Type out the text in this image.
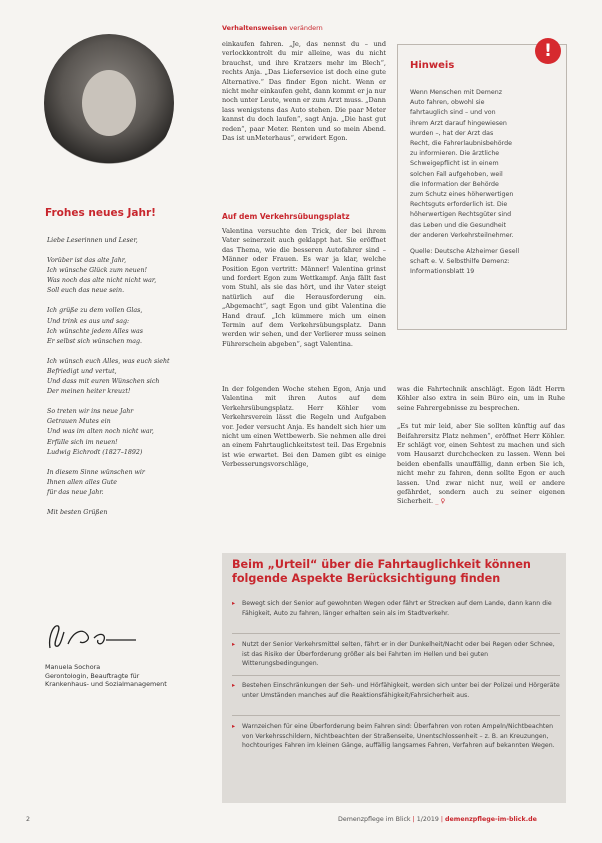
Frohes neues Jahr!
Liebe Leserinnen und Leser,
Vorüber ist das alte Jahr,
Ich wünsche Glück zum neuen!
Was noch das alte nicht nicht war,
Soll euch das neue sein.
Ich grüße zu dem vollen Glas,
Und trink es aus und sag:
Ich wünschte jedem Alles was
Er selbst sich wünschen mag.
Ich wünsch euch Alles, was euch sieht
Befriedigt und vertut,
Und dass mit euren Wünschen sich
Der meinen heiter kreuzt!
So treten wir ins neue Jahr
Getrauen Mutes ein
Und was im alten noch nicht war,
Erfülle sich im neuen!
Ludwig Eichrodt (1827–1892)
In diesem Sinne wünschen wir
Ihnen allen alles Gute
für das neue Jahr.
Mit besten Grüßen
Manuela Sochora
Gerontologin, Beauftragte für
Krankenhaus- und Sozialmanagement
Verhaltensweisen verändern

einkaufen fahren. „Je, das nennst du – und verlockkontrolt du mir alleine, was du nicht brauchst, und ihre Kratzers mehr im Blech“, rechts Anja. „Das Liefersevice ist doch eine gute Alternative.“ Das finder Egon nicht. Wenn er nicht mehr einkaufen geht, dann kommt er ja nur noch unter Leute, wenn er zum Arzt muss. „Dann lass wenigstens das Auto stehen. Die paar Meter kannst du doch laufen“, sagt Anja. „Die hast gut reden“, paar Meter. Renten und so mein Abend. Das ist unMeterhaus“, erwidert Egon.

Auf dem Verkehrsübungsplatz

Valentina versuchte den Trick, der bei ihrem Vater seinerzeit auch geklappt hat. Sie eröffnet das Thema, wie die besseren Autofahrer sind – Männer oder Frauen. Es war ja klar, welche Position Egon vertritt: Männer! Valentina grinst und fordert Egon zum Wettkampf. Anja fällt fast vom Stuhl, als sie das hört, und ihr Vater steigt natürlich auf die Herausforderung ein. „Abgemacht“, sagt Egon und gibt Valentina die Hand drauf. „Ich kümmere mich um einen Termin auf dem Verkehrsübungsplatz. Dann werden wir sehen, und der Verlierer muss seinen Führerschein abgeben“, sagt Valentina.

In der folgenden Woche stehen Egon, Anja und Valentina mit ihren Autos auf dem Verkehrsübungsplatz. Herr Köhler vom Verkehrsverein lässt die Regeln und Aufgaben vor. Jeder versucht Anja. Es handelt sich hier um nicht um einen Wettbewerb. Sie nehmen alle drei an einem Fahrtauglichkeitstest teil. Das Ergebnis ist wie erwartet. Bei den Damen gibt es einige Verbesserungsvorschläge,

was die Fahrtechnik anschlägt. Egon lädt Herrn Köhler also extra in sein Büro ein, um in Ruhe seine Fahrergebnisse zu besprechen.

„Es tut mir leid, aber Sie sollten künftig auf das Beifahrersitz Platz nehmen“, eröffnet Herr Köhler. Er schlägt vor, einen Sehtest zu machen und sich vom Hausarzt durchchecken zu lassen. Wenn bei beiden ebenfalls unauffällig, dann erben Sie ich, nicht mehr zu fahren, denn sollte Egon er auch lassen. Und zwar nicht nur, weil er andere gefährdet, sondern auch zu seiner eigenen Sicherheit. _ ♀

!
Hinweis
Wenn Menschen mit Demenz
Auto fahren, obwohl sie
fahrtauglich sind – und von
ihrem Arzt darauf hingewiesen
wurden –, hat der Arzt das
Recht, die Fahrerlaubnisbehörde
zu informieren. Die ärztliche
Schweigepflicht ist in einem
solchen Fall aufgehoben, weil
die Information der Behörde
zum Schutz eines höherwertigen
Rechtsguts erforderlich ist. Die
höherwertigen Rechtsgüter sind
das Leben und die Gesundheit
der anderen Verkehrsteilnehmer.
Quelle: Deutsche Alzheimer Gesell
schaft e. V. Selbsthilfe Demenz:
Informationsblatt 19
Beim „Urteil“ über die Fahrtauglichkeit können folgende Aspekte Berücksichtigung finden
▸ Bewegt sich der Senior auf gewohnten Wegen oder fährt er Strecken auf dem Lande, dann kann die Fähigkeit, Auto zu fahren, länger erhalten sein als im Stadtverkehr.
▸ Nutzt der Senior Verkehrsmittel selten, fährt er in der Dunkelheit/Nacht oder bei Regen oder Schnee, ist das Risiko der Überforderung größer als bei Fahrten im Hellen und bei guten Witterungsbedingungen.
▸ Bestehen Einschränkungen der Seh- und Hörfähigkeit, werden sich unter bei der Polizei und Hörgeräte unter Umständen manches auf die Reaktionsfähigkeit/Fahrsicherheit aus.
▸ Warnzeichen für eine Überforderung beim Fahren sind: Überfahren von roten Ampeln/Nichtbeachten von Verkehrsschildern, Nichtbeachten der Straßenseite, Unentschlossenheit – z. B. an Kreuzungen, hochtouriges Fahren im kleinen Gänge, auffällig langsames Fahren, Verfahren auf bekannten Wegen.
2	Demenzpflege im Blick | 1/2019 | demenzpflege-im-blick.de
